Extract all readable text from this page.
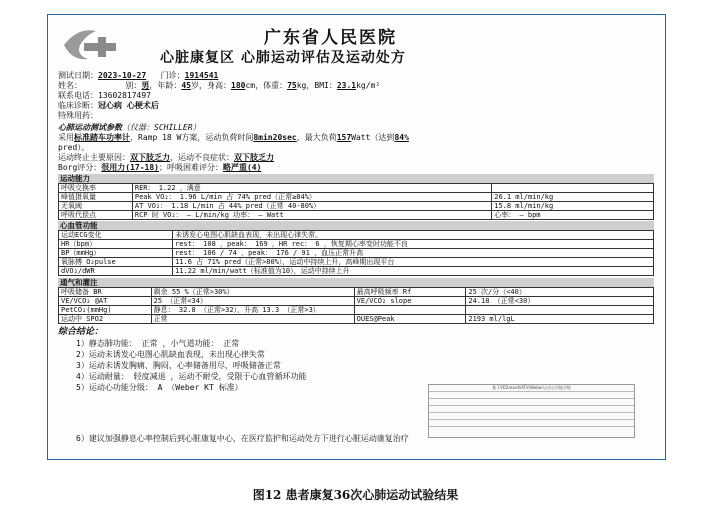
广东省人民医院
心脏康复区 心肺运动评估及运动处方
测试日期：2023-10-27 门诊：1914541
姓名：	别：男，年龄：45岁，身高：180cm，体重：75kg，BMI：23.1kg/m²
联系电话：13602817497
临床诊断：冠心病 心梗术后
特殊用药：
心肺运动测试参数（仪器：SCHILLER）
采用标准踏车功率计，Ramp 18 W方案，运动负荷时间8min20sec，最大负荷157Watt（达到84%
pred）。
运动终止主要原因：双下肢乏力，运动不良症状：双下肢乏力
Borg评分：很用力(17-18)；呼吸困难评分：略严重(4)
运动能力
呼吸交换率	RER： 1.22 ，满意	
峰值摄氧量	Peak VO₂： 1.96 L/min 占 74% pred（正常≥84%）	26.1 ml/min/kg
无氧阈	AT VO₂： 1.18 L/min 占 44% pred（正常 40-80%）	15.8 ml/min/kg
呼吸代偿点	RCP 时 VO₂： — L/min/kg 功率： — Watt	心率： — bpm
心血管功能
运动ECG变化	未诱发心电图心肌缺血表现，未出现心律失常。
HR（bpm）	rest： 108 ，peak： 169 ，HR rec： 6 ，恢复期心率变时功能不良
BP（mmHg）	rest： 106 / 74 ，peak： 176 / 91 ，血压正常升高
氧脉搏 O₂pulse	11.6 占 71% pred（正常>80%），运动中持续上升，高峰期出现平台
dVO₂/dWR	11.22 ml/min/watt（标准值为10），运动中持续上升
通气和灌注
呼吸储备 BR	剩余 55 %（正常>30%）	最高呼吸频率 Rf	25 次/分（<40）
VE/VCO₂ @AT	25 （正常<34）	VE/VCO₂ slope	24.18 （正常<30）
PetCO₂(mmHg)	静息： 32.8 （正常>32），升高 13.3 （正常>3）		
运动中 SPO2	正常	OUES@Peak	2193 ml/lgL
综合结论：
1）静态肺功能： 正常 ，小气道功能： 正常
2）运动未诱发心电图心肌缺血表现，未出现心律失常
3）运动未诱发胸痛、胸闷，心率储备用尽，呼吸储备正常
4）运动耐量： 轻度减退 ，运动不耐受，受限于心血管循环功能
5）运动心功能分级： A （Weber KT 标准）
6）建议加强静息心率控制后到心脏康复中心，在医疗监护和运动处方下进行心脏运动康复治疗
基于VO2max和AT的Weber运动心功能分级
图12 患者康复36次心肺运动试验结果
